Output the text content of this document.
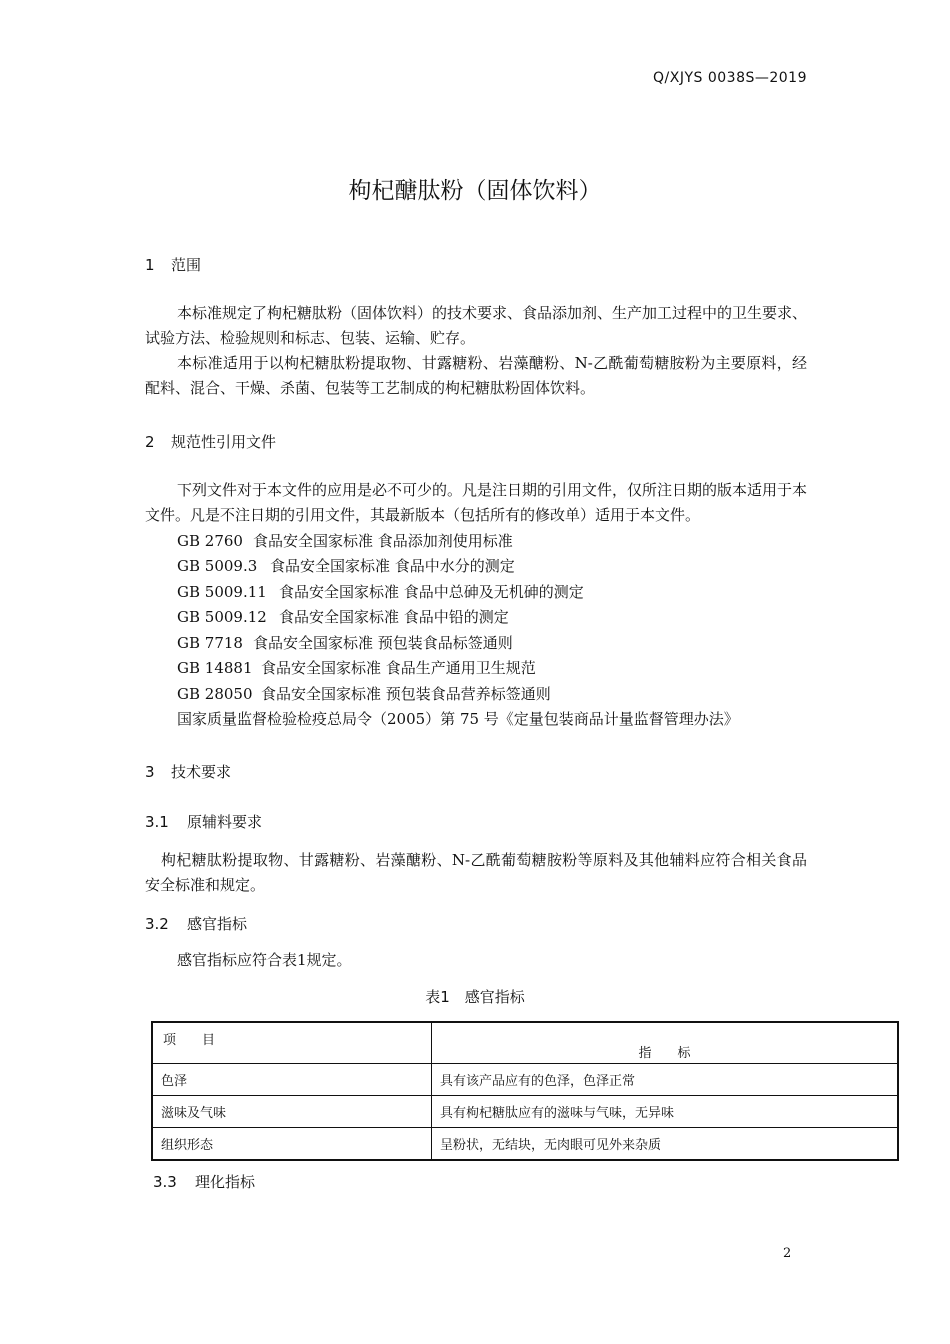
Q/XJYS 0038S—2019
枸杞醣肽粉（固体饮料）
1 范围
本标准规定了枸杞糖肽粉（固体饮料）的技术要求、食品添加剂、生产加工过程中的卫生要求、试验方法、检验规则和标志、包装、运输、贮存。
本标准适用于以枸杞糖肽粉提取物、甘露糖粉、岩藻醣粉、N-乙酰葡萄糖胺粉为主要原料，经配料、混合、干燥、杀菌、包装等工艺制成的枸杞糖肽粉固体饮料。
2 规范性引用文件
下列文件对于本文件的应用是必不可少的。凡是注日期的引用文件，仅所注日期的版本适用于本文件。凡是不注日期的引用文件，其最新版本（包括所有的修改单）适用于本文件。
GB 2760 食品安全国家标准 食品添加剂使用标准
GB 5009.3 食品安全国家标准 食品中水分的测定
GB 5009.11 食品安全国家标准 食品中总砷及无机砷的测定
GB 5009.12 食品安全国家标准 食品中铅的测定
GB 7718 食品安全国家标准 预包装食品标签通则
GB 14881 食品安全国家标准 食品生产通用卫生规范
GB 28050 食品安全国家标准 预包装食品营养标签通则
国家质量监督检验检疫总局令（2005）第 75 号《定量包装商品计量监督管理办法》
3 技术要求
3.1 原辅料要求
枸杞糖肽粉提取物、甘露糖粉、岩藻醣粉、N-乙酰葡萄糖胺粉等原料及其他辅料应符合相关食品安全标准和规定。
3.2 感官指标
感官指标应符合表1规定。
表1　感官指标
项　　目	指　　标
色泽	具有该产品应有的色泽，色泽正常
滋味及气味	具有枸杞糖肽应有的滋味与气味，无异味
组织形态	呈粉状，无结块，无肉眼可见外来杂质
3.3 理化指标
2
